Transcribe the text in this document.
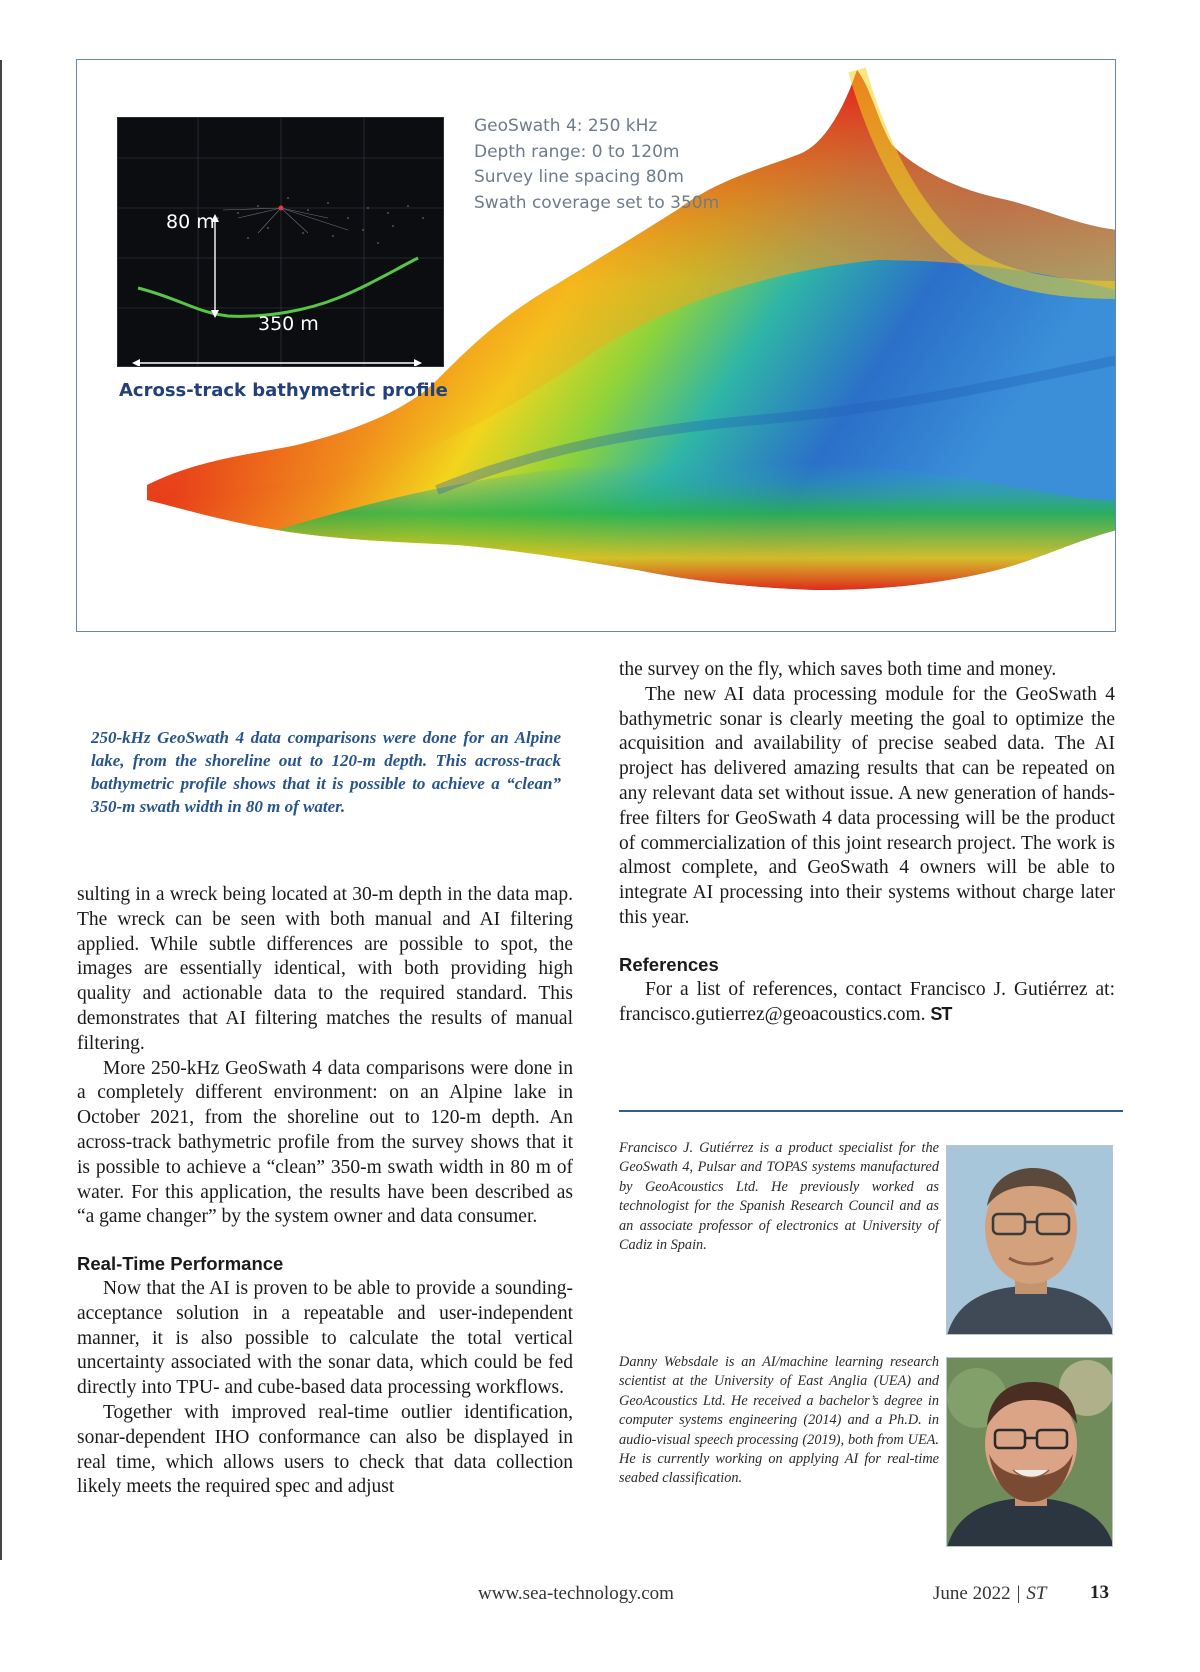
80 m
350 m
Across-track bathymetric profile
GeoSwath 4: 250 kHz
Depth range: 0 to 120m
Survey line spacing 80m
Swath coverage set to 350m
250-kHz GeoSwath 4 data comparisons were done for an Alpine lake, from the shoreline out to 120-m depth. This across-track bathymetric profile shows that it is possible to achieve a “clean” 350-m swath width in 80 m of water.

sulting in a wreck being located at 30-m depth in the data map. The wreck can be seen with both manual and AI filtering applied. While subtle differences are possible to spot, the images are essentially identical, with both providing high quality and actionable data to the required standard. This demonstrates that AI filtering matches the results of manual filtering.

More 250-kHz GeoSwath 4 data comparisons were done in a completely different environment: on an Alpine lake in October 2021, from the shoreline out to 120-m depth. An across-track bathymetric profile from the survey shows that it is possible to achieve a “clean” 350-m swath width in 80 m of water. For this application, the results have been described as “a game changer” by the system owner and data consumer.

Real-Time Performance

Now that the AI is proven to be able to provide a sounding-acceptance solution in a repeatable and user-independent manner, it is also possible to calculate the total vertical uncertainty associated with the sonar data, which could be fed directly into TPU- and cube-based data processing workflows.

Together with improved real-time outlier identification, sonar-dependent IHO conformance can also be displayed in real time, which allows users to check that data collection likely meets the required spec and adjust

the survey on the fly, which saves both time and money.

The new AI data processing module for the GeoSwath 4 bathymetric sonar is clearly meeting the goal to optimize the acquisition and availability of precise seabed data. The AI project has delivered amazing results that can be repeated on any relevant data set without issue. A new generation of hands-free filters for GeoSwath 4 data processing will be the product of commercialization of this joint research project. The work is almost complete, and GeoSwath 4 owners will be able to integrate AI processing into their systems without charge later this year.

References

For a list of references, contact Francisco J. Gutiérrez at: francisco.gutierrez@geoacoustics.com. ST

Francisco J. Gutiérrez is a product specialist for the GeoSwath 4, Pulsar and TOPAS systems manufactured by GeoAcoustics Ltd. He previously worked as technologist for the Spanish Research Council and as an associate professor of electronics at University of Cadiz in Spain.
Danny Websdale is an AI/machine learning research scientist at the University of East Anglia (UEA) and GeoAcoustics Ltd. He received a bachelor’s degree in computer systems engineering (2014) and a Ph.D. in audio-visual speech processing (2019), both from UEA. He is currently working on applying AI for real-time seabed classification.
www.sea-technology.com	June 2022 | ST 13
